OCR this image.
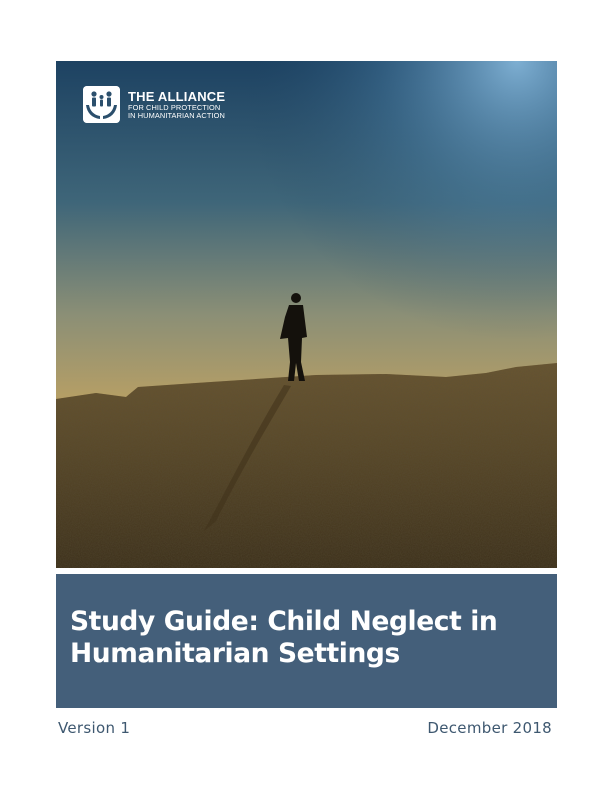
THE ALLIANCE
FOR CHILD PROTECTION
IN HUMANITARIAN ACTION

Study Guide: Child Neglect in

Humanitarian Settings

Version 1	December 2018
